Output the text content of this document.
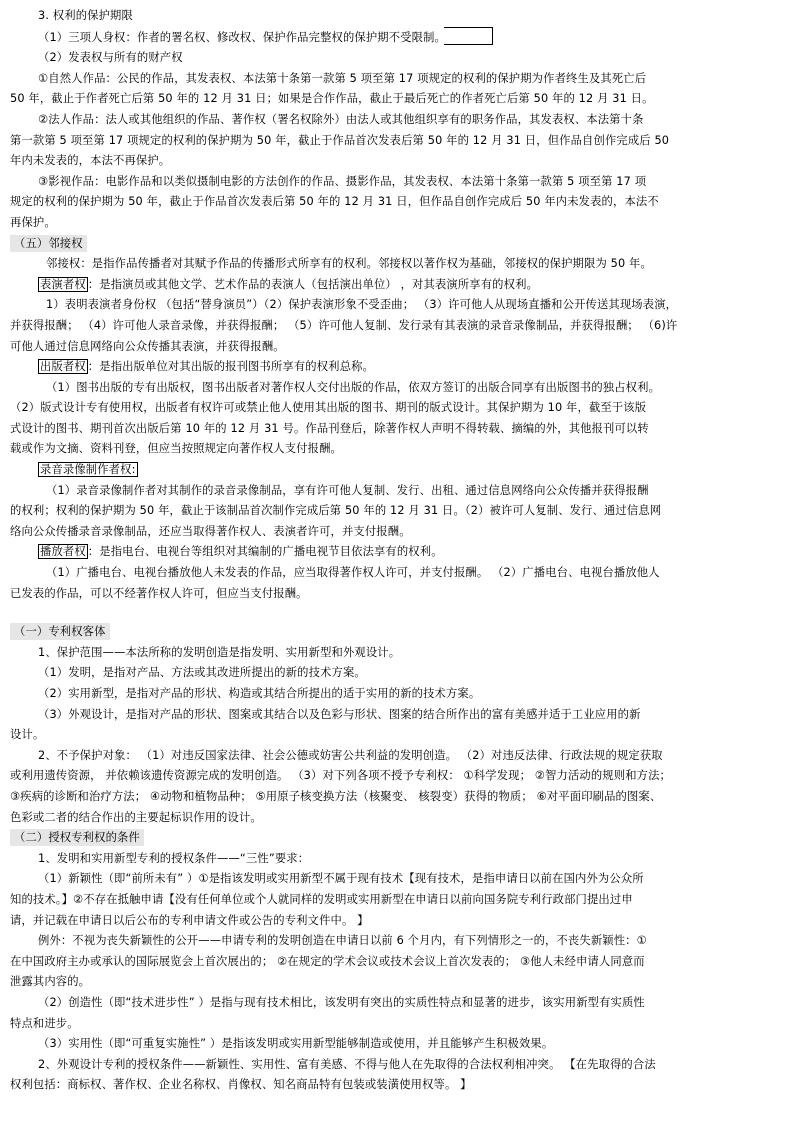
3. 权利的保护期限

（1）三项人身权：作者的署名权、修改权、保护作品完整权的保护期不受限制。

（2）发表权与所有的财产权

①自然人作品：公民的作品，其发表权、本法第十条第一款第 5 项至第 17 项规定的权利的保护期为作者终生及其死亡后

50 年，截止于作者死亡后第 50 年的 12 月 31 日；如果是合作作品，截止于最后死亡的作者死亡后第 50 年的 12 月 31 日。

②法人作品：法人或其他组织的作品、著作权（署名权除外）由法人或其他组织享有的职务作品，其发表权、本法第十条

第一款第 5 项至第 17 项规定的权利的保护期为 50 年，截止于作品首次发表后第 50 年的 12 月 31 日，但作品自创作完成后 50

年内未发表的，本法不再保护。

③影视作品：电影作品和以类似摄制电影的方法创作的作品、摄影作品，其发表权、本法第十条第一款第 5 项至第 17 项

规定的权利的保护期为 50 年，截止于作品首次发表后第 50 年的 12 月 31 日，但作品自创作完成后 50 年内未发表的，本法不

再保护。

（五）邻接权

邻接权：是指作品传播者对其赋予作品的传播形式所享有的权利。邻接权以著作权为基础，邻接权的保护期限为 50 年。

表演者权 ：是指演员或其他文学、艺术作品的表演人（包括演出单位） ，对其表演所享有的权利。

1）表明表演者身份权 （包括“替身演员”）（2）保护表演形象不受歪曲； （3）许可他人从现场直播和公开传送其现场表演，

并获得报酬； （4）许可他人录音录像，并获得报酬； （5）许可他人复制、发行录有其表演的录音录像制品，并获得报酬； （6)许

可他人通过信息网络向公众传播其表演，并获得报酬。

出版者权 ：是指出版单位对其出版的报刊图书所享有的权利总称。

（1）图书出版的专有出版权，图书出版者对著作权人交付出版的作品，依双方签订的出版合同享有出版图书的独占权利。

（2）版式设计专有使用权，出版者有权许可或禁止他人使用其出版的图书、期刊的版式设计。其保护期为 10 年，截至于该版

式设计的图书、期刊首次出版后第 10 年的 12 月 31 号。作品刊登后，除著作权人声明不得转载、摘编的外，其他报刊可以转

载或作为文摘、资料刊登，但应当按照规定向著作权人支付报酬。

录音录像制作者权:

（1）录音录像制作者对其制作的录音录像制品，享有许可他人复制、发行、出租、通过信息网络向公众传播并获得报酬

的权利；权利的保护期为 50 年，截止于该制品首次制作完成后第 50 年的 12 月 31 日。（2）被许可人复制、发行、通过信息网

络向公众传播录音录像制品，还应当取得著作权人、表演者许可，并支付报酬。

播放者权 ：是指电台、电视台等组织对其编制的广播电视节目依法享有的权利。

（1）广播电台、电视台播放他人未发表的作品，应当取得著作权人许可，并支付报酬。 （2）广播电台、电视台播放他人

已发表的作品，可以不经著作权人许可，但应当支付报酬。

（一）专利权客体

1、保护范围——本法所称的发明创造是指发明、实用新型和外观设计。

（1）发明，是指对产品、方法或其改进所提出的新的技术方案。

（2）实用新型，是指对产品的形状、构造或其结合所提出的适于实用的新的技术方案。

（3）外观设计，是指对产品的形状、图案或其结合以及色彩与形状、图案的结合所作出的富有美感并适于工业应用的新

设计。

2、不予保护对象： （1）对违反国家法律、社会公德或妨害公共利益的发明创造。 （2）对违反法律、行政法规的规定获取

或利用遗传资源， 并依赖该遗传资源完成的发明创造。 （3）对下列各项不授予专利权： ①科学发现； ②智力活动的规则和方法；

③疾病的诊断和治疗方法； ④动物和植物品种； ⑤用原子核变换方法（核聚变、 核裂变）获得的物质； ⑥对平面印刷品的图案、

色彩或二者的结合作出的主要起标识作用的设计。

（二）授权专利权的条件

1、发明和实用新型专利的授权条件——“三性”要求：

（1）新颖性（即“前所未有” ）①是指该发明或实用新型不属于现有技术【现有技术，是指申请日以前在国内外为公众所

知的技术。】②不存在抵触申请【没有任何单位或个人就同样的发明或实用新型在申请日以前向国务院专利行政部门提出过申

请，并记载在申请日以后公布的专利申请文件或公告的专利文件中。 】

例外：不视为丧失新颖性的公开——申请专利的发明创造在申请日以前 6 个月内，有下列情形之一的，不丧失新颖性：①

在中国政府主办或承认的国际展览会上首次展出的； ②在规定的学术会议或技术会议上首次发表的； ③他人未经申请人同意而

泄露其内容的。

（2）创造性（即“技术进步性” ）是指与现有技术相比，该发明有突出的实质性特点和显著的进步，该实用新型有实质性

特点和进步。

（3）实用性（即“可重复实施性” ）是指该发明或实用新型能够制造或使用，并且能够产生积极效果。

2、外观设计专利的授权条件——新颖性、实用性、富有美感、不得与他人在先取得的合法权利相冲突。 【在先取得的合法

权利包括：商标权、著作权、企业名称权、肖像权、知名商品特有包装或装潢使用权等。 】
